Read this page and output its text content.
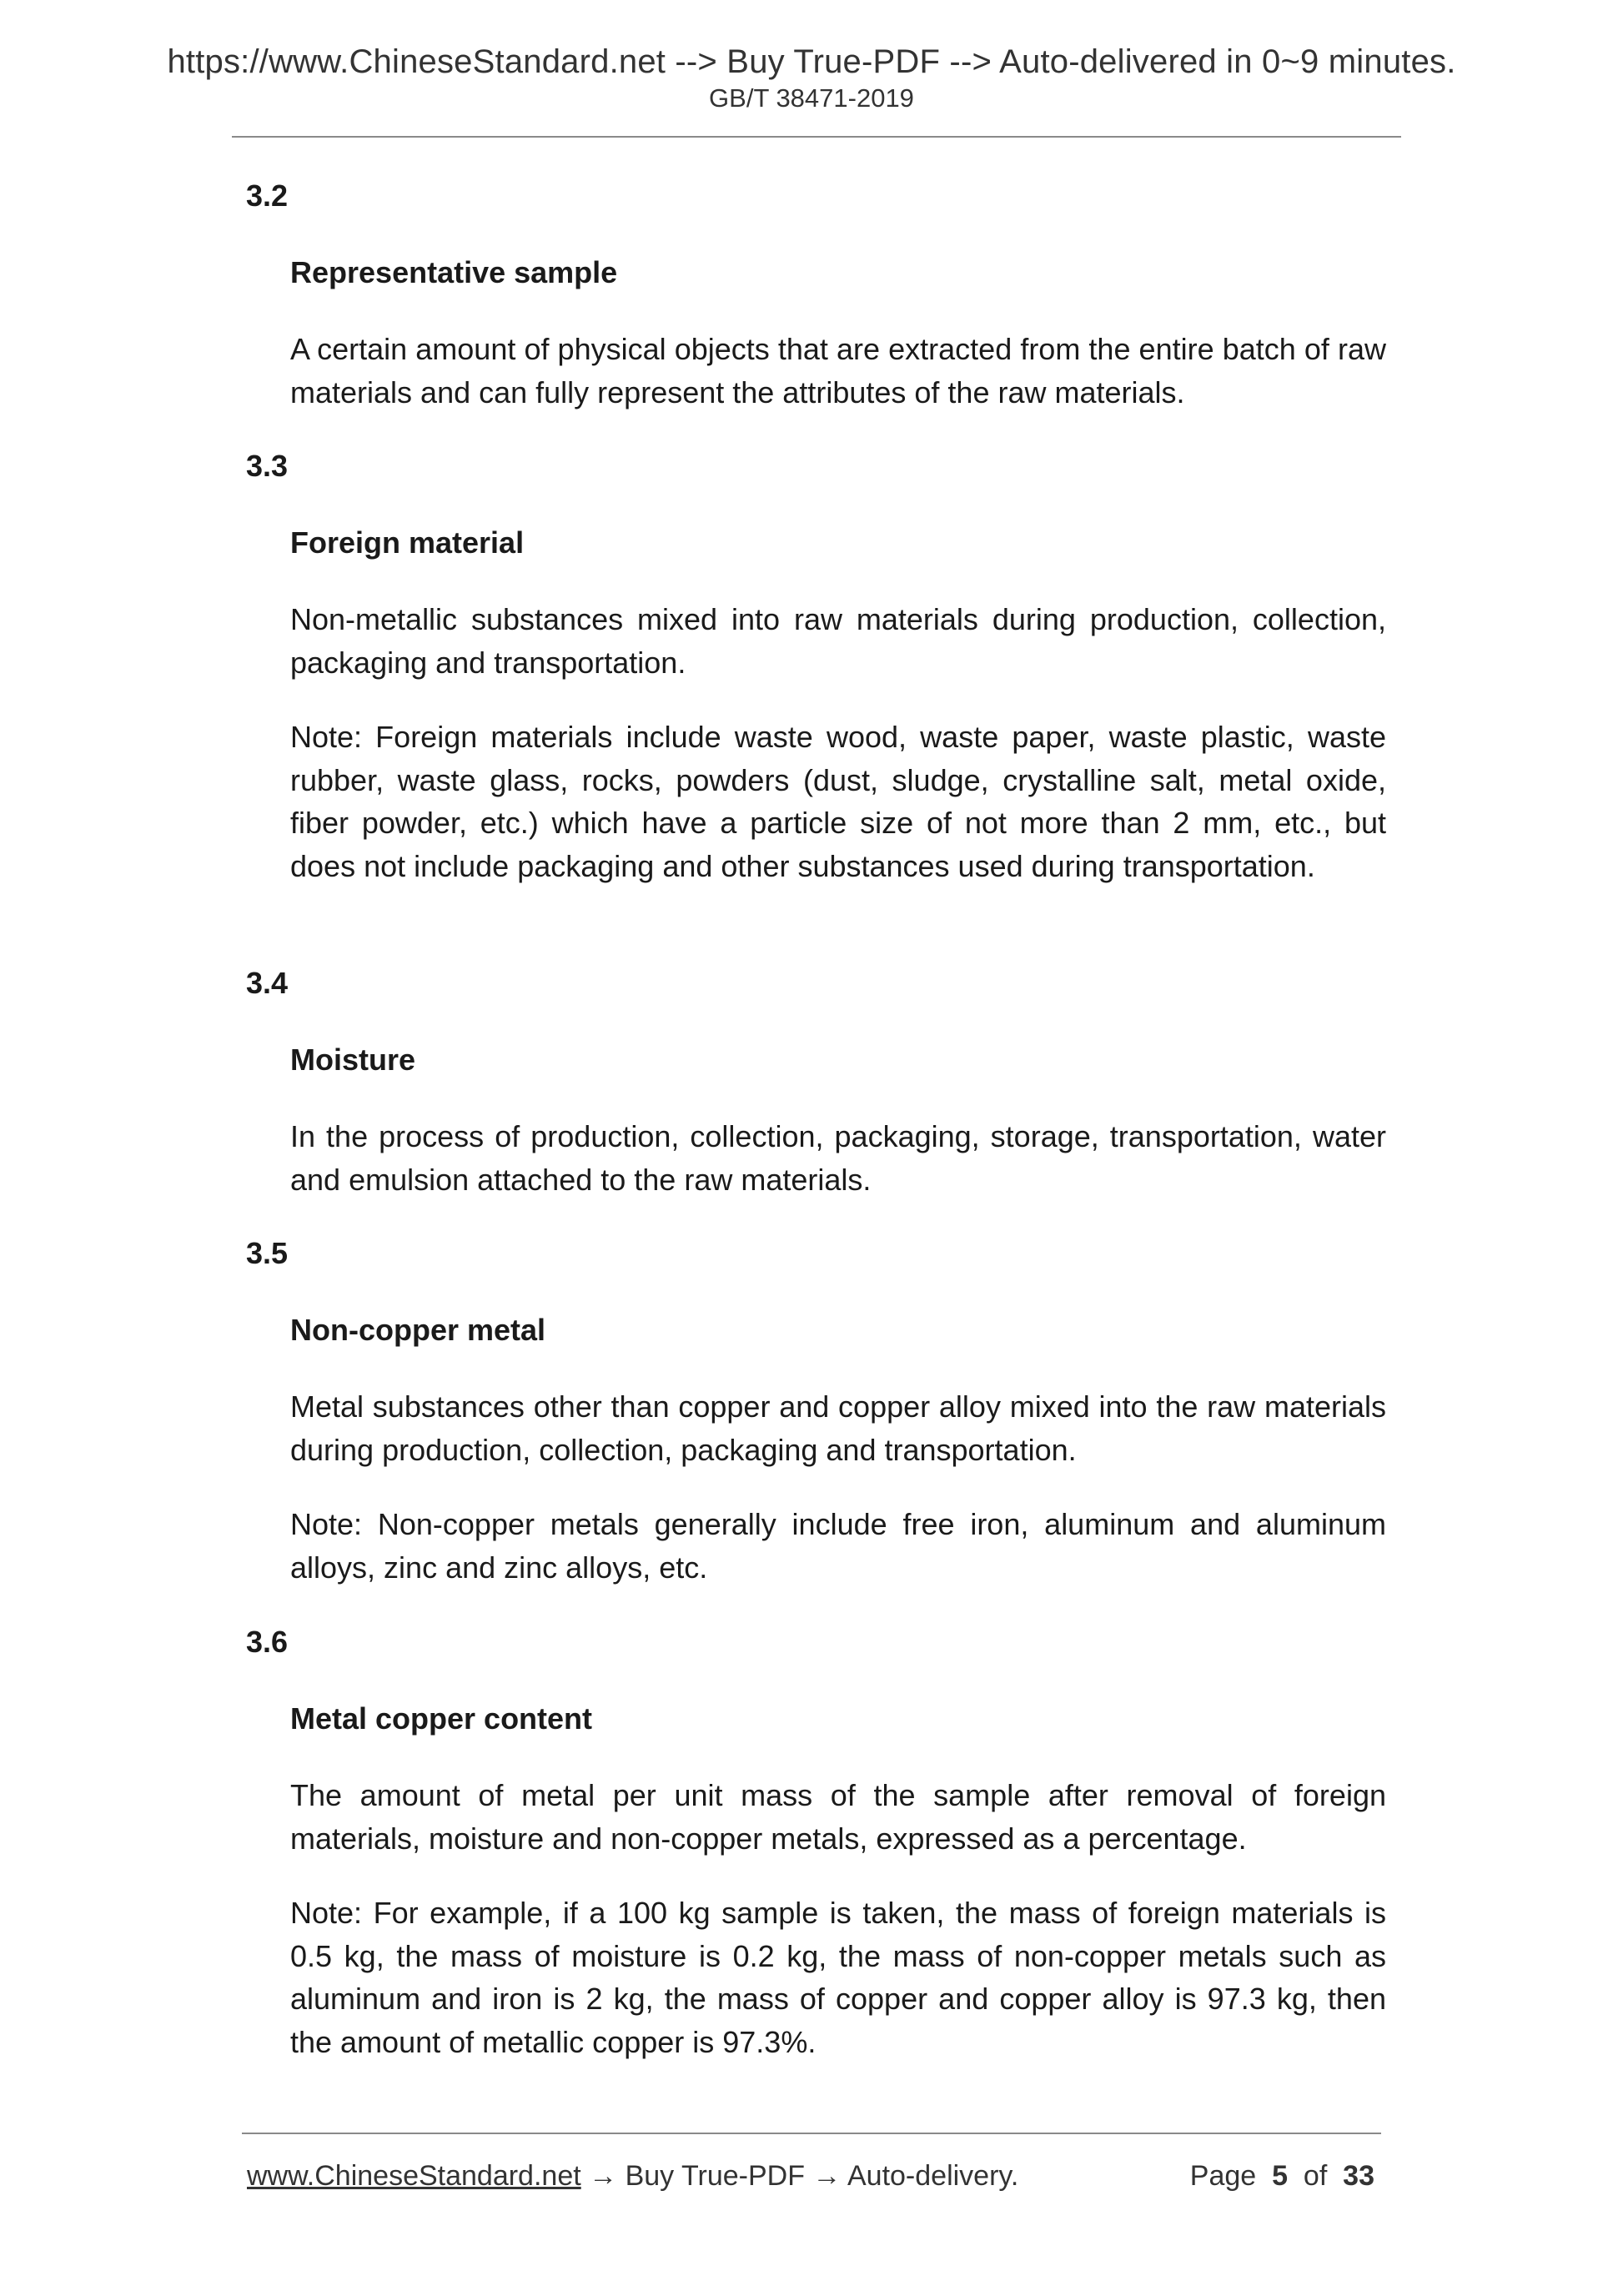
https://www.ChineseStandard.net --> Buy True-PDF --> Auto-delivered in 0~9 minutes.
GB/T 38471-2019
3.2
Representative sample
A certain amount of physical objects that are extracted from the entire batch of raw materials and can fully represent the attributes of the raw materials.
3.3
Foreign material
Non-metallic substances mixed into raw materials during production, collection, packaging and transportation.
Note: Foreign materials include waste wood, waste paper, waste plastic, waste rubber, waste glass, rocks, powders (dust, sludge, crystalline salt, metal oxide, fiber powder, etc.) which have a particle size of not more than 2 mm, etc., but does not include packaging and other substances used during transportation.
3.4
Moisture
In the process of production, collection, packaging, storage, transportation, water and emulsion attached to the raw materials.
3.5
Non-copper metal
Metal substances other than copper and copper alloy mixed into the raw materials during production, collection, packaging and transportation.
Note: Non-copper metals generally include free iron, aluminum and aluminum alloys, zinc and zinc alloys, etc.
3.6
Metal copper content
The amount of metal per unit mass of the sample after removal of foreign materials, moisture and non-copper metals, expressed as a percentage.
Note: For example, if a 100 kg sample is taken, the mass of foreign materials is 0.5 kg, the mass of moisture is 0.2 kg, the mass of non-copper metals such as aluminum and iron is 2 kg, the mass of copper and copper alloy is 97.3 kg, then the amount of metallic copper is 97.3%.
www.ChineseStandard.net → Buy True-PDF → Auto-delivery.	Page 5 of 33
